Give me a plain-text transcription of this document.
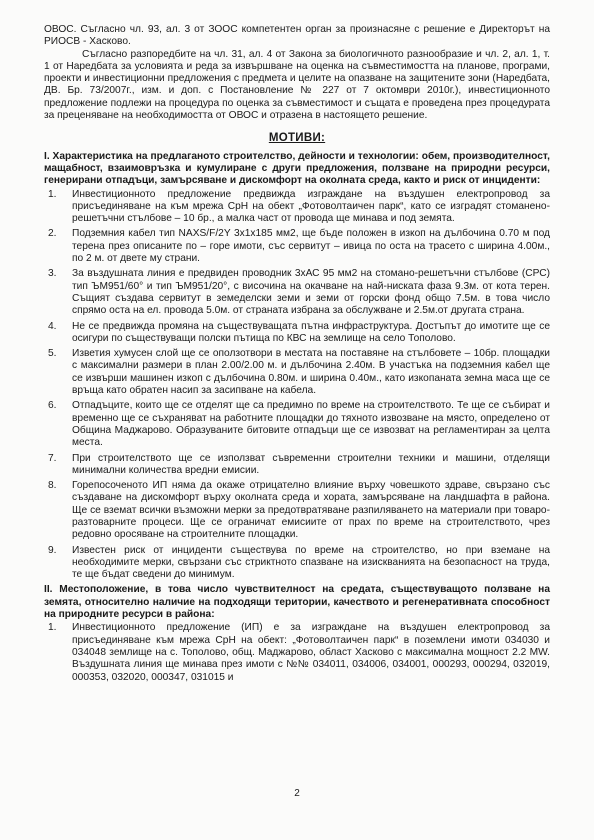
ОВОС. Съгласно чл. 93, ал. 3 от ЗООС компетентен орган за произнасяне с решение е Директорът на РИОСВ - Хасково.

Съгласно разпоредбите на чл. 31, ал. 4 от Закона за биологичното разнообразие и чл. 2, ал. 1, т. 1 от Наредбата за условията и реда за извършване на оценка на съвместимостта на планове, програми, проекти и инвестиционни предложения с предмета и целите на опазване на защитените зони (Наредбата, ДВ. Бр. 73/2007г., изм. и доп. с Постановление № 227 от 7 октомври 2010г.), инвестиционното предложение подлежи на процедура по оценка за съвместимост и същата е проведена през процедурата за преценяване на необходимостта от ОВОС и отразена в настоящето решение.

МОТИВИ:
I. Характеристика на предлаганото строителство, дейности и технологии: обем, производителност, мащабност, взаимовръзка и кумулиране с други предложения, ползване на природни ресурси, генерирани отпадъци, замърсяване и дискомфорт на околната среда, както и риск от инциденти:
1. Инвестиционното предложение предвижда изграждане на въздушен електропровод за присъединяване на към мрежа СрН на обект „Фотоволтаичен парк“, като се изградят стоманено-решетъчни стълбове – 10 бр., а малка част от провода ще минава и под земята.
2. Подземния кабел тип NAXS/F/2Y 3x1x185 мм2, ще бъде положен в изкоп на дълбочина 0.70 м под терена през описаните по – горе имоти, със сервитут – ивица по оста на трасето с ширина 4.00м., по 2 м. от двете му страни.
3. За въздушната линия е предвиден проводник 3хАС 95 мм2 на стомано-решетъчни стълбове (СРС) тип ЪМ951/60° и тип ЪМ951/20°, с височина на окачване на най-ниската фаза 9.3м. от кота терен. Същият създава сервитут в земеделски земи и земи от горски фонд общо 7.5м. в това число спрямо оста на ел. провода 5.0м. от страната избрана за обслужване и 2.5м.от другата страна.
4. Не се предвижда промяна на съществуващата пътна инфраструктура. Достъпът до имотите ще се осигури по съществуващи полски пътища по КВС на землище на село Тополово.
5. Изветия хумусен слой ще се оползотвори в местата на поставяне на стълбовете – 10бр. площадки с максимални размери в план 2.00/2.00 м. и дълбочина 2.40м. В участъка на подземния кабел ще се извърши машинен изкоп с дълбочина 0.80м. и ширина 0.40м., като изкопаната земна маса ще се връща като обратен насип за засипване на кабела.
6. Отпадъците, които ще се отделят ще са предимно по време на строителството. Те ще се събират и временно ще се съхраняват на работните площадки до тяхното извозване на мястo, определено от Община Маджарово. Образуваните битовите отпадъци ще се извозват на регламентиран за целта места.
7. При строителството ще се използват съвременни строителни техники и машини, отделящи минимални количества вредни емисии.
8. Горепосоченото ИП няма да окаже отрицателно влияние върху човешкото здраве, свързано със създаване на дискомфорт върху околната среда и хората, замърсяване на ландшафта в района. Ще се вземат всички възможни мерки за предотвратяване разпиляването на материали при товаро-разтоварните процеси. Ще се ограничат емисиите от прах по време на строителството, чрез редовно оросяване на строителните площадки.
9. Известен риск от инциденти съществува по време на строителство, но при вземане на необходимите мерки, свързани със стриктното спазване на изискванията на безопасност на труда, те ще бъдат сведени до минимум.
II. Местоположение, в това число чувствителност на средата, съществуващото ползване на земята, относително наличие на подходящи територии, качеството и регенеративната способност на природните ресурси в района:
1. Инвестиционното предложение (ИП) е за изграждане на въздушен електропровод за присъединяване към мрежа СрН на обект: „Фотоволтаичен парк“ в поземлени имоти 034030 и 034048 землище на с. Тополово, общ. Маджарово, област Хасково с максимална мощност 2.2 MW. Въздушната линия ще минава през имоти с №№ 034011, 034006, 034001, 000293, 000294, 032019, 000353, 032020, 000347, 031015 и
2
